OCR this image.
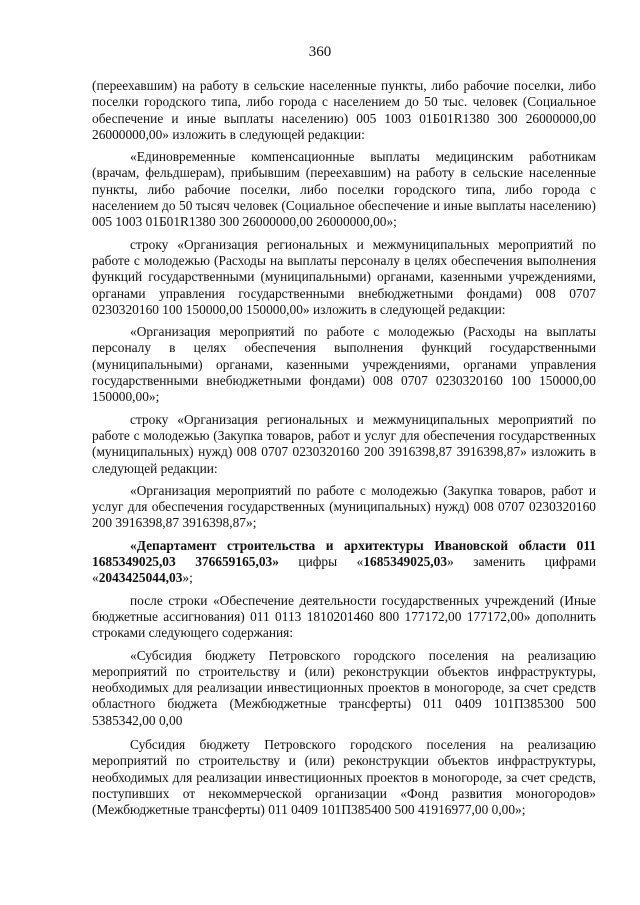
360

(переехавшим) на работу в сельские населенные пункты, либо рабочие поселки, либо поселки городского типа, либо города с населением до 50 тыс. человек (Социальное обеспечение и иные выплаты населению) 005 1003 01Б01R1380 300 26000000,00 26000000,00» изложить в следующей редакции:

«Единовременные компенсационные выплаты медицинским работникам (врачам, фельдшерам), прибывшим (переехавшим) на работу в сельские населенные пункты, либо рабочие поселки, либо поселки городского типа, либо города с населением до 50 тысяч человек (Социальное обеспечение и иные выплаты населению) 005 1003 01Б01R1380 300 26000000,00 26000000,00»;

строку «Организация региональных и межмуниципальных мероприятий по работе с молодежью (Расходы на выплаты персоналу в целях обеспечения выполнения функций государственными (муниципальными) органами, казенными учреждениями, органами управления государственными внебюджетными фондами) 008 0707 0230320160 100 150000,00 150000,00» изложить в следующей редакции:

«Организация мероприятий по работе с молодежью (Расходы на выплаты персоналу в целях обеспечения выполнения функций государственными (муниципальными) органами, казенными учреждениями, органами управления государственными внебюджетными фондами) 008 0707 0230320160 100 150000,00 150000,00»;

строку «Организация региональных и межмуниципальных мероприятий по работе с молодежью (Закупка товаров, работ и услуг для обеспечения государственных (муниципальных) нужд) 008 0707 0230320160 200 3916398,87 3916398,87» изложить в следующей редакции:

«Организация мероприятий по работе с молодежью (Закупка товаров, работ и услуг для обеспечения государственных (муниципальных) нужд) 008 0707 0230320160 200 3916398,87 3916398,87»;

«Департамент строительства и архитектуры Ивановской области 011 1685349025,03 376659165,03» цифры «1685349025,03» заменить цифрами «2043425044,03»;

после строки «Обеспечение деятельности государственных учреждений (Иные бюджетные ассигнования) 011 0113 1810201460 800 177172,00 177172,00» дополнить строками следующего содержания:

«Субсидия бюджету Петровского городского поселения на реализацию мероприятий по строительству и (или) реконструкции объектов инфраструктуры, необходимых для реализации инвестиционных проектов в моногороде, за счет средств областного бюджета (Межбюджетные трансферты) 011 0409 101П385300 500 5385342,00 0,00

Субсидия бюджету Петровского городского поселения на реализацию мероприятий по строительству и (или) реконструкции объектов инфраструктуры, необходимых для реализации инвестиционных проектов в моногороде, за счет средств, поступивших от некоммерческой организации «Фонд развития моногородов» (Межбюджетные трансферты) 011 0409 101П385400 500 41916977,00 0,00»;
